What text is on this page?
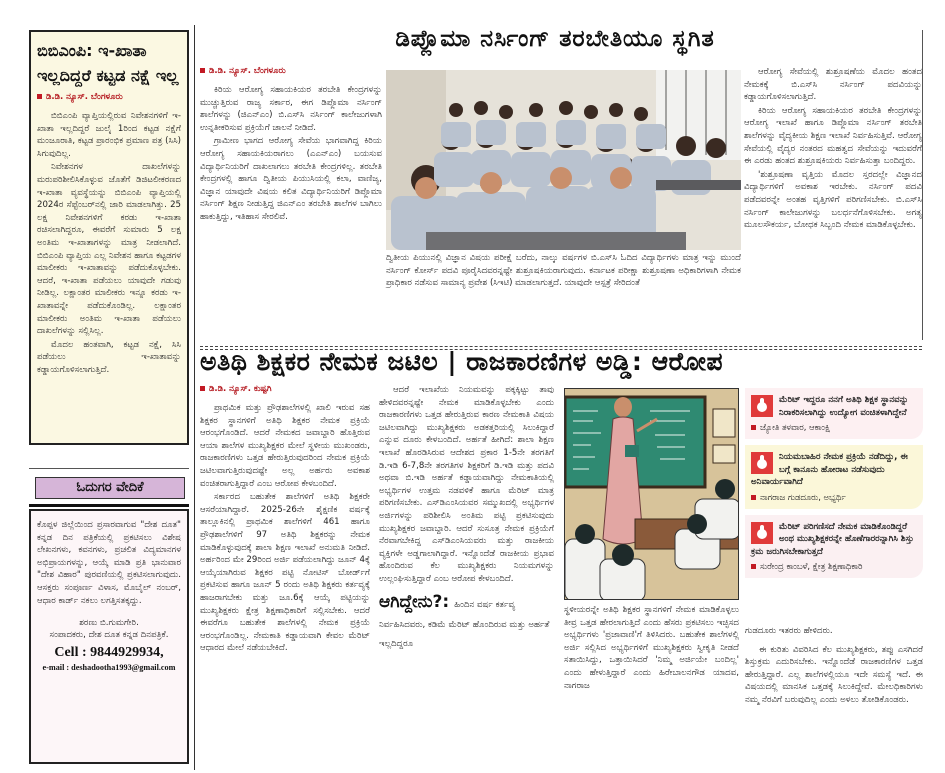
ಬಿಬಿಎಂಪಿ: ಇ-ಖಾತಾ ಇಲ್ಲದಿದ್ದರೆ ಕಟ್ಟಡ ನಕ್ಷೆ ಇಲ್ಲ
ಡಿ.ಡಿ. ನ್ಯೂಸ್. ಬೆಂಗಳೂರು

ಬಿಬಿಎಂಪಿ ವ್ಯಾಪ್ತಿಯಲ್ಲಿರುವ ನಿವೇಶನಗಳಿಗೆ ಇ-ಖಾತಾ ಇಲ್ಲದಿದ್ದರೆ ಜುಲೈ 1ರಿಂದ ಕಟ್ಟಡ ನಕ್ಷೆಗೆ ಮಂಜೂರಾತಿ, ಕಟ್ಟಡ ಪ್ರಾರಂಭಿಕ ಪ್ರಮಾಣ ಪತ್ರ (ಸಿಸಿ) ಸಿಗುವುದಿಲ್ಲ.

ನಿವೇಶನಗಳ ದಾಖಲೆಗಳನ್ನು ಮರುಪರಿಶೀಲಿಸಿಕೊಳ್ಳುವ ಜೊತೆಗೆ ಡಿಜಿಟಲೀಕರಣದ ಇ-ಖಾತಾ ವ್ಯವಸ್ಥೆಯನ್ನು ಬಿಬಿಎಂಪಿ ವ್ಯಾಪ್ತಿಯಲ್ಲಿ 2024ರ ಸೆಪ್ಟೆಂಬರ್‌ನಲ್ಲಿ ಜಾರಿ ಮಾಡಲಾಗಿತ್ತು. 25 ಲಕ್ಷ ನಿವೇಶನಗಳಿಗೆ ಕರಡು ಇ-ಖಾತಾ ರಚಿಸಲಾಗಿದ್ದರೂ, ಈವರೆಗೆ ಸುಮಾರು 5 ಲಕ್ಷ ಅಂತಿಮ ಇ-ಖಾತಾಗಳನ್ನು ಮಾತ್ರ ನೀಡಲಾಗಿದೆ. ಬಿಬಿಎಂಪಿ ವ್ಯಾಪ್ತಿಯ ಎಲ್ಲ ನಿವೇಶನ ಹಾಗೂ ಕಟ್ಟಡಗಳ ಮಾಲೀಕರು ಇ-ಖಾತಾವನ್ನು ಪಡೆದುಕೊಳ್ಳಬೇಕು. ಆದರೆ, ಇ-ಖಾತಾ ಪಡೆಯಲು ಯಾವುದೇ ಗಡುವು ನೀಡಿಲ್ಲ. ಲಕ್ಷಾಂತರ ಮಾಲೀಕರು ಇನ್ನೂ ಕರಡು ಇ-ಖಾತಾವನ್ನೇ ಪಡೆದುಕೊಂಡಿಲ್ಲ. ಲಕ್ಷಾಂತರ ಮಾಲೀಕರು ಅಂತಿಮ ಇ-ಖಾತಾ ಪಡೆಯಲು ದಾಖಲೆಗಳನ್ನು ಸಲ್ಲಿಸಿಲ್ಲ.

ಮೊದಲ ಹಂತವಾಗಿ, ಕಟ್ಟಡ ನಕ್ಷೆ, ಸಿಸಿ ಪಡೆಯಲು ಇ-ಖಾತಾವನ್ನು ಕಡ್ಡಾಯಗೊಳಿಸಲಾಗುತ್ತಿದೆ.

ಓದುಗರ ವೇದಿಕೆ
ಕೊಪ್ಪಳ ಜಿಲ್ಲೆಯಿಂದ ಪ್ರಸಾರವಾಗುವ "ದೇಶ ದೂತ" ಕನ್ನಡ ದಿನ ಪತ್ರಿಕೆಯಲ್ಲಿ ಪ್ರಕಟಿಸಲು ವಿಶೇಷ ಲೇಖನಗಳು, ಕವನಗಳು, ಪ್ರಚಲಿತ ವಿದ್ಯಮಾನಗಳ ಅಭಿಪ್ರಾಯಗಳನ್ನು, ಆಯ್ಕೆ ಮಾಡಿ ಪ್ರತಿ ಭಾನುವಾರ "ದೇಶ ವಿಹಾರ" ಪುರವಣಿಯಲ್ಲಿ ಪ್ರಕಟಿಸಲಾಗುವುದು. ಆಸಕ್ತರು ಸಂಪೂರ್ಣ ವಿಳಾಸ, ಮೊಬೈಲ್ ನಂಬರ್, ಆಧಾರ ಕಾರ್ಡ್ ನಕಲು ಲಗತ್ತಿಸತಕ್ಕದ್ದು.
ಶರಣು ಬಿ.ಗುಮಗೇರಿ.
ಸಂಪಾದಕರು, ದೇಶ ದೂತ ಕನ್ನಡ ದಿನಪತ್ರಿಕೆ.
Cell : 9844929934,
e-mail : deshadootha1993@gmail.com
ಡಿಪ್ಲೊಮಾ ನರ್ಸಿಂಗ್ ತರಬೇತಿಯೂ ಸ್ಥಗಿತ
ಡಿ.ಡಿ. ನ್ಯೂಸ್. ಬೆಂಗಳೂರು

ಕಿರಿಯ ಆರೋಗ್ಯ ಸಹಾಯಕಿಯರ ತರಬೇತಿ ಕೇಂದ್ರಗಳನ್ನು ಮುಚ್ಚುತ್ತಿರುವ ರಾಜ್ಯ ಸರ್ಕಾರ, ಈಗ ಡಿಪ್ಲೊಮಾ ನರ್ಸಿಂಗ್ ಶಾಲೆಗಳನ್ನು (ಜಿಎನ್‌ಎಂ) ಬಿ.ಎಸ್‌ಸಿ ನರ್ಸಿಂಗ್ ಕಾಲೇಜುಗಳಾಗಿ ಉನ್ನತೀಕರಿಸುವ ಪ್ರಕ್ರಿಯೆಗೆ ಚಾಲನೆ ನೀಡಿದೆ.

ಗ್ರಾಮೀಣ ಭಾಗದ ಆರೋಗ್ಯ ಸೇವೆಯ ಭಾಗವಾಗಿದ್ದ ಕಿರಿಯ ಆರೋಗ್ಯ ಸಹಾಯಕಿಯರಾಗಲು (ಎಎನ್‌ಎಂ) ಬಯಸುವ ವಿದ್ಯಾರ್ಥಿನಿಯರಿಗೆ ದಾಖಲಾಗಲು ತರಬೇತಿ ಕೇಂದ್ರಗಳಿಲ್ಲ. ತರಬೇತಿ ಕೇಂದ್ರಗಳಲ್ಲಿ ಹಾಗೂ ದ್ವಿತೀಯ ಪಿಯುಸಿಯಲ್ಲಿ ಕಲಾ, ವಾಣಿಜ್ಯ, ವಿಜ್ಞಾನ ಯಾವುದೇ ವಿಷಯ ಕಲಿತ ವಿದ್ಯಾರ್ಥಿನಿಯರಿಗೆ ಡಿಪ್ಲೊಮಾ ನರ್ಸಿಂಗ್ ಶಿಕ್ಷಣ ನೀಡುತ್ತಿದ್ದ ಜಿಎನ್‌ಎಂ ತರಬೇತಿ ಶಾಲೆಗಳ ಬಾಗಿಲು ಹಾಕುತ್ತಿದ್ದು, ಇತಿಹಾಸ ಸೇರಲಿವೆ.

ದ್ವಿತೀಯ ಪಿಯುನಲ್ಲಿ ವಿಜ್ಞಾನ ವಿಷಯ ಪರೀಕ್ಷೆ ಬರೆದು, ನಾಲ್ಕು ವರ್ಷಗಳ ಬಿ.ಎಸ್‌ಸಿ ಓದಿದ ವಿದ್ಯಾರ್ಥಿಗಳು ಮಾತ್ರ ಇನ್ನು ಮುಂದೆ ನರ್ಸಿಂಗ್ ಕೋರ್ಸ್ ಪದವಿ ಪೂರೈಸಿದವರನ್ನಷ್ಟೇ ಶುಶ್ರೂಷಕಿಯರಾಗುವುದು. ಕರ್ನಾಟಕ ಪರೀಕ್ಷಾ ಶುಶ್ರೂಷಣಾ ಅಧಿಕಾರಿಗಳಾಗಿ ನೇಮಕ ಪ್ರಾಧಿಕಾರ ನಡೆಸುವ ಸಾಮಾನ್ಯ ಪ್ರವೇಶ (ಸಿಇಟಿ) ಮಾಡಲಾಗುತ್ತದೆ. ಯಾವುದೇ ಆಸ್ಪತ್ರೆ ಸೇರಿದಂತೆ

ಆರೋಗ್ಯ ಸೇವೆಯಲ್ಲಿ ಶುಶ್ರೂಷಣೆಯ ಮೊದಲ ಹಂತದ ನೇಮಕಕ್ಕೆ ಬಿ.ಎಸ್‌ಸಿ ನರ್ಸಿಂಗ್ ಪದವಿಯನ್ನು ಕಡ್ಡಾಯಗೊಳಿಸಲಾಗುತ್ತಿದೆ.

ಕಿರಿಯ ಆರೋಗ್ಯ ಸಹಾಯಕಿಯರ ತರಬೇತಿ ಕೇಂದ್ರಗಳನ್ನು ಆರೋಗ್ಯ ಇಲಾಖೆ ಹಾಗೂ ಡಿಪ್ಲೊಮಾ ನರ್ಸಿಂಗ್ ತರಬೇತಿ ಶಾಲೆಗಳನ್ನು ವೈದ್ಯಕೀಯ ಶಿಕ್ಷಣ ಇಲಾಖೆ ನಿರ್ವಹಿಸುತ್ತಿವೆ. ಆರೋಗ್ಯ ಸೇವೆಯಲ್ಲಿ ವೈದ್ಯರ ನಂತರದ ಮಹತ್ವದ ಸೇವೆಯನ್ನು ಇದುವರೆಗೆ ಈ ಎರಡು ಹಂತದ ಶುಶ್ರೂಷಕಿಯರು ನಿರ್ವಹಿಸುತ್ತಾ ಬಂದಿದ್ದರು.

'ಶುಶ್ರೂಷಣಾ ವೃತ್ತಿಯ ಮೊದಲ ಸ್ತರದಲ್ಲೇ ವಿಜ್ಞಾನದ ವಿದ್ಯಾರ್ಥಿಗಳಿಗೆ ಅವಕಾಶ ಇರಬೇಕು. ನರ್ಸಿಂಗ್ ಪದವಿ ಪಡೆದವರನ್ನೇ ಅಂತಹ ವೃತ್ತಿಗಳಿಗೆ ಪರಿಗಣಿಸಬೇಕು. ಬಿ.ಎಸ್‌ಸಿ ನರ್ಸಿಂಗ್ ಕಾಲೇಜುಗಳನ್ನು ಬಲರ್ಧನೆಗೊಳಿಸಬೇಕು. ಅಗತ್ಯ ಮೂಲಸೌಕರ್ಯ, ಬೋಧಕ ಸಿಬ್ಬಂದಿ ನೇಮಕ ಮಾಡಿಕೊಳ್ಳಬೇಕು.

ಅತಿಥಿ ಶಿಕ್ಷಕರ ನೇಮಕ ಜಟಿಲ | ರಾಜಕಾರಣಿಗಳ ಅಡ್ಡಿ: ಆರೋಪ
ಡಿ.ಡಿ. ನ್ಯೂಸ್. ಕುಷ್ಟಗಿ

ಪ್ರಾಥಮಿಕ ಮತ್ತು ಪ್ರೌಢಶಾಲೆಗಳಲ್ಲಿ ಖಾಲಿ ಇರುವ ಸಹ ಶಿಕ್ಷಕರ ಸ್ಥಾನಗಳಿಗೆ ಅತಿಥಿ ಶಿಕ್ಷಕರ ನೇಮಕ ಪ್ರಕ್ರಿಯೆ ಆರಂಭಗೊಂಡಿದೆ. ಆದರೆ ನೇಮಕದ ಜವಾಬ್ದಾರಿ ಹೊತ್ತಿರುವ ಆಯಾ ಶಾಲೆಗಳ ಮುಖ್ಯಶಿಕ್ಷಕರ ಮೇಲೆ ಸ್ಥಳೀಯ ಮುಖಂಡರು, ರಾಜಕಾರಣಿಗಳು ಒತ್ತಡ ಹೇರುತ್ತಿರುವುದರಿಂದ ನೇಮಕ ಪ್ರಕ್ರಿಯೆ ಜಟಿಲವಾಗುತ್ತಿರುವುದಷ್ಟೇ ಅಲ್ಲ ಅರ್ಹರು ಅವಕಾಶ ವಂಚಿತರಾಗುತ್ತಿದ್ದಾರೆ ಎಂಬ ಆರೋಪ ಕೇಳಬಂದಿದೆ.

ಸರ್ಕಾರದ ಬಹುತೇಕ ಶಾಲೆಗಳಿಗೆ ಅತಿಥಿ ಶಿಕ್ಷಕರೇ ಆಸರೆಯಾಗಿದ್ದಾರೆ. 2025-26ನೇ ಶೈಕ್ಷಣಿಕ ವರ್ಷಕ್ಕೆ ತಾಲ್ಲೂಕಿನಲ್ಲಿ ಪ್ರಾಥಮಿಕ ಶಾಲೆಗಳಿಗೆ 461 ಹಾಗೂ ಪ್ರೌಢಶಾಲೆಗಳಿಗೆ 97 ಅತಿಥಿ ಶಿಕ್ಷಕರನ್ನು ನೇಮಕ ಮಾಡಿಕೊಳ್ಳುವುದಕ್ಕೆ ಶಾಲಾ ಶಿಕ್ಷಣ ಇಲಾಖೆ ಅನುಮತಿ ನೀಡಿದೆ. ಅರ್ಹರಿಂದ ಮೇ 29ರಿಂದ ಅರ್ಜಿ ಪಡೆಯಲಾಗಿದ್ದು ಜೂನ್ 4ಕ್ಕೆ ಆಯ್ಕೆಯಾಗಿರುವ ಶಿಕ್ಷಕರ ಪಟ್ಟಿ ನೋಟಿಸ್ ಬೋರ್ಡ್‌ಗೆ ಪ್ರಕಟಿಸುವ ಹಾಗೂ ಜೂನ್ 5 ರಂದು ಅತಿಥಿ ಶಿಕ್ಷಕರು ಕರ್ತವ್ಯಕ್ಕೆ ಹಾಜರಾಗಬೇಕು ಮತ್ತು ಜೂ.6ಕ್ಕೆ ಆಯ್ಕೆ ಪಟ್ಟಿಯನ್ನು ಮುಖ್ಯಶಿಕ್ಷಕರು ಕ್ಷೇತ್ರ ಶಿಕ್ಷಣಾಧಿಕಾರಿಗೆ ಸಲ್ಲಿಸಬೇಕು. ಆದರೆ ಈವರೆಗೂ ಬಹುತೇಕ ಶಾಲೆಗಳಲ್ಲಿ ನೇಮಕ ಪ್ರಕ್ರಿಯೆ ಆರಂಭಗೊಂಡಿಲ್ಲ. ನೇಮಕಾತಿ ಕಡ್ಡಾಯವಾಗಿ ಕೇವಲ ಮೆರಿಟ್ ಆಧಾರದ ಮೇಲೆ ನಡೆಯಬೇಕಿದೆ.

ಆದರೆ ಇಲಾಖೆಯ ನಿಯಮವನ್ನು ಪಕ್ಕಕ್ಕಿಟ್ಟು ತಾವು ಹೇಳಿದವರನ್ನಷ್ಟೇ ನೇಮಕ ಮಾಡಿಕೊಳ್ಳಬೇಕು ಎಂದು ರಾಜಕಾರಣಿಗಳು ಒತ್ತಡ ಹೇರುತ್ತಿರುವ ಕಾರಣ ನೇಮಕಾತಿ ವಿಷಯ ಜಟಿಲವಾಗಿದ್ದು ಮುಖ್ಯಶಿಕ್ಷಕರು ಅಡಕತ್ತರಿಯಲ್ಲಿ ಸಿಲುಕಿದ್ದಾರೆ ಎನ್ನುವ ದೂರು ಕೇಳಬಂದಿದೆ. ಅರ್ಹತೆ ಹೀಗಿದೆ: ಶಾಲಾ ಶಿಕ್ಷಣ ಇಲಾಖೆ ಹೊರಡಿಸಿರುವ ಆದೇಶದ ಪ್ರಕಾರ 1-5ನೇ ತರಗತಿಗೆ ಡಿ.ಇಡಿ 6-7,8ನೇ ತರಗತಿಗಳ ಶಿಕ್ಷಕರಿಗೆ ಡಿ.ಇಡಿ ಮತ್ತು ಪದವಿ ಅಥವಾ ಬಿ.ಇಡಿ ಅರ್ಹತೆ ಕಡ್ಡಾಯವಾಗಿದ್ದು ನೇಮಕಾತಿಯಲ್ಲಿ ಅಭ್ಯರ್ಥಿಗಳ ಉತ್ತಮ ನಡವಳಿಕೆ ಹಾಗೂ ಮೆರಿಟ್ ಮಾತ್ರ ಪರಿಗಣಿಸಬೇಕು. ಎಸ್‌ಡಿಎಂಸಿಯವರ ಸಮ್ಮುಖದಲ್ಲಿ ಅಭ್ಯರ್ಥಿಗಳ ಅರ್ಜಿಗಳನ್ನು ಪರಿಶೀಲಿಸಿ ಅಂತಿಮ ಪಟ್ಟಿ ಪ್ರಕಟಿಸುವುದು ಮುಖ್ಯಶಿಕ್ಷಕರ ಜವಾಬ್ದಾರಿ. ಆದರೆ ಸುಸೂತ್ರ ನೇಮಕ ಪ್ರಕ್ರಿಯೆಗೆ ನೆರವಾಗಬೇಕಿದ್ದ ಎಸ್‌ಡಿಎಂಸಿಯವರು ಮತ್ತು ರಾಜಕೀಯ ವ್ಯಕ್ತಿಗಳೇ ಅಡ್ಡಗಾಲಾಗಿದ್ದಾರೆ. ಇನ್ನೊಂದೆಡೆ ರಾಜಕೀಯ ಪ್ರಭಾವ ಹೊಂದಿರುವ ಕೆಲ ಮುಖ್ಯಶಿಕ್ಷಕರು ನಿಯಮಗಳನ್ನು ಉಲ್ಲಂಘಿಸುತ್ತಿದ್ದಾರೆ ಎಂಬ ಆರೋಪ ಕೇಳಬಂದಿದೆ.

ಆಗಿದ್ದೇನು?: ಹಿಂದಿನ ವರ್ಷ ಕರ್ತವ್ಯ ನಿರ್ವಹಿಸಿದವರು, ಕಡಿಮೆ ಮೆರಿಟ್ ಹೊಂದಿರುವ ಮತ್ತು ಅರ್ಹತೆ ಇಲ್ಲದಿದ್ದರೂ
ಸ್ಥಳೀಯರನ್ನೇ ಅತಿಥಿ ಶಿಕ್ಷಕರ ಸ್ಥಾನಗಳಿಗೆ ನೇಮಕ ಮಾಡಿಕೊಳ್ಳಲು ತೀವ್ರ ಒತ್ತಡ ಹೇರಲಾಗುತ್ತಿದೆ ಎಂದು ಹೆಸರು ಪ್ರಕಟಿಸಲು ಇಚ್ಛಿಸದ ಅಭ್ಯರ್ಥಿಗಳು 'ಪ್ರಜಾವಾಣಿ'ಗೆ ತಿಳಿಸಿದರು. ಬಹುತೇಕ ಶಾಲೆಗಳಲ್ಲಿ ಅರ್ಜಿ ಸಲ್ಲಿಸಿದ ಅಭ್ಯರ್ಥಿಗಳಿಗೆ ಮುಖ್ಯಶಿಕ್ಷಕರು ಸ್ವೀಕೃತಿ ನೀಡದೆ ಸತಾಯಿಸಿದ್ದು, ಒತ್ತಾಯಿಸಿದರೆ 'ನಿಮ್ಮ ಅರ್ಜಿಯೇ ಬಂದಿಲ್ಲ' ಎಂದು ಹೇಳುತ್ತಿದ್ದಾರೆ ಎಂದು ಹಿರೇಬಾಲನಗೌಡ ಯಾದವ, ನಾಗರಾಜ
ಮೆರಿಟ್ ಇದ್ದರೂ ನನಗೆ ಅತಿಥಿ ಶಿಕ್ಷಕ ಸ್ಥಾನವನ್ನು ನಿರಾಕರಿಸಲಾಗಿದ್ದು ಉದ್ಯೋಗ ವಂಚಿತಳಾಗಿದ್ದೇನೆ
ಜ್ಯೋತಿ ತಳವಾರ, ಆಕಾಂಕ್ಷಿ
ನಿಯಮಬಾಹಿರ ನೇಮಕ ಪ್ರಕ್ರಿಯೆ ನಡೆದಿದ್ದು, ಈ ಬಗ್ಗೆ ಕಾನೂನು ಹೋರಾಟ ನಡೆಸುವುದು ಅನಿವಾರ್ಯವಾಗಿದೆ
ನಾಗರಾಜ ಗುಡದೂರು, ಅಭ್ಯರ್ಥಿ
ಮೆರಿಟ್ ಪರಿಗಣಿಸದೆ ನೇಮಕ ಮಾಡಿಕೊಂಡಿದ್ದರೆ ಅಂಥ ಮುಖ್ಯಶಿಕ್ಷಕರನ್ನೇ ಹೊಣೆಗಾರರನ್ನಾಗಿಸಿ ಶಿಸ್ತು ಕ್ರಮ ಜರುಗಿಸಬೇಕಾಗುತ್ತದೆ
ಸುರೇಂದ್ರ ಕಾಂಬಳೆ, ಕ್ಷೇತ್ರ ಶಿಕ್ಷಣಾಧಿಕಾರಿ
ಗುಡದೂರು ಇತರರು ಹೇಳಿದರು.

ಈ ಕುರಿತು ವಿವರಿಸಿದ ಕೆಲ ಮುಖ್ಯಶಿಕ್ಷಕರು, ತಪ್ಪು ಎಸಗಿದರೆ ಶಿಸ್ತುಕ್ರಮ ಎದುರಿಸಬೇಕು. ಇನ್ನೊಂದೆಡೆ ರಾಜಕಾರಣಿಗಳ ಒತ್ತಡ ಹೇರುತ್ತಿದ್ದಾರೆ. ಎಲ್ಲ ಶಾಲೆಗಳಲ್ಲಿಯೂ ಇದೇ ಸಮಸ್ಯೆ ಇದೆ. ಈ ವಿಷಯದಲ್ಲಿ ಮಾನಸಿಕ ಒತ್ತಡಕ್ಕೆ ಸಿಲುಕಿದ್ದೇವೆ. ಮೇಲಧಿಕಾರಿಗಳು ನಮ್ಮ ನೆರವಿಗೆ ಬರುವುದಿಲ್ಲ ಎಂದು ಅಳಲು ತೋಡಿಕೊಂಡರು.
